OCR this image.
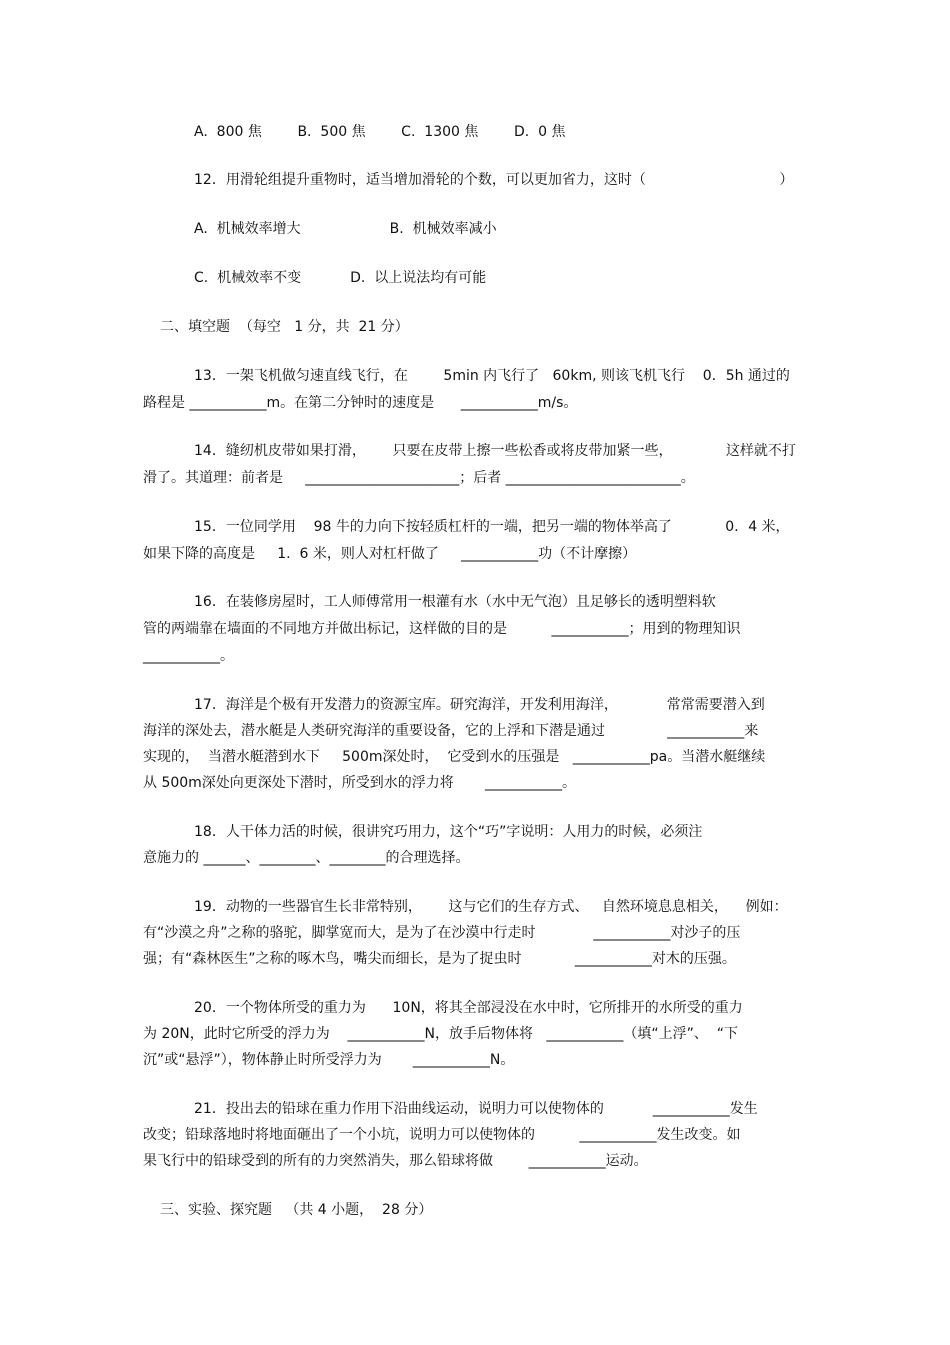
A.  800 焦        B.  500 焦        C.  1300 焦        D.  0 焦
12．用滑轮组提升重物时，适当增加滑轮的个数，可以更加省力，这时（                              ）
A.  机械效率增大                    B.  机械效率减小
C.  机械效率不变           D.  以上说法均有可能
二、填空题  （每空   1 分，共  21 分）
13．一架飞机做匀速直线飞行，在        5min 内飞行了   60km, 则该飞机飞行    0．5h 通过的
路程是 ___________m。在第二分钟时的速度是      ___________m/s。
14．缝纫机皮带如果打滑，      只要在皮带上擦一些松香或将皮带加紧一些，            这样就不打
滑了。其道理：前者是     ______________________；后者 _________________________。
15．一位同学用    98 牛的力向下按轻质杠杆的一端，把另一端的物体举高了            0．4 米，
如果下降的高度是     1.  6 米，则人对杠杆做了     ___________功（不计摩擦）
16．在装修房屋时，工人师傅常用一根灌有水（水中无气泡）且足够长的透明塑料软
管的两端靠在墙面的不同地方并做出标记，这样做的目的是          ___________；用到的物理知识
___________。
17．海洋是个极有开发潜力的资源宝库。研究海洋，开发利用海洋，           常常需要潜入到
海洋的深处去，潜水艇是人类研究海洋的重要设备，它的上浮和下潜是通过              ___________来
实现的，  当潜水艇潜到水下     500m深处时，  它受到水的压强是   ___________pa。当潜水艇继续
从 500m深处向更深处下潜时，所受到水的浮力将       ___________。
18．人干体力活的时候，很讲究巧用力，这个“巧”字说明：人用力的时候，必须注
意施力的 ______、________、________的合理选择。
19．动物的一些器官生长非常特别，      这与它们的生存方式、   自然环境息息相关，    例如：
有“沙漠之舟”之称的骆驼，脚掌宽而大，是为了在沙漠中行走时             ___________对沙子的压
强；有“森林医生”之称的啄木鸟，嘴尖而细长，是为了捉虫时            ___________对木的压强。
20．一个物体所受的重力为      10N，将其全部浸没在水中时，它所排开的水所受的重力
为 20N，此时它所受的浮力为    ___________N，放手后物体将   ___________（填“上浮”、  “下
沉”或“悬浮”），物体静止时所受浮力为       ___________N。
21．投出去的铅球在重力作用下沿曲线运动，说明力可以使物体的           ___________发生
改变；铅球落地时将地面砸出了一个小坑，说明力可以使物体的          ___________发生改变。如
果飞行中的铅球受到的所有的力突然消失，那么铅球将做        ___________运动。
三、实验、探究题   （共 4 小题，  28 分）
